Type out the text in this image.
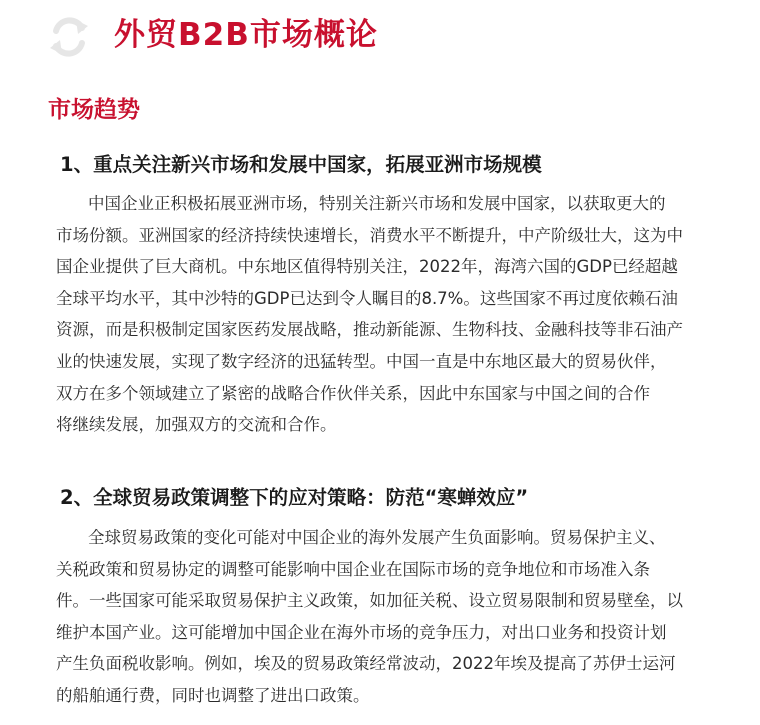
外贸B2B市场概论
市场趋势
1、重点关注新兴市场和发展中国家，拓展亚洲市场规模
中国企业正积极拓展亚洲市场，特别关注新兴市场和发展中国家，以获取更大的
市场份额。亚洲国家的经济持续快速增长，消费水平不断提升，中产阶级壮大，这为中
国企业提供了巨大商机。中东地区值得特别关注，2022年，海湾六国的GDP已经超越
全球平均水平，其中沙特的GDP已达到令人瞩目的8.7%。这些国家不再过度依赖石油
资源，而是积极制定国家医药发展战略，推动新能源、生物科技、金融科技等非石油产
业的快速发展，实现了数字经济的迅猛转型。中国一直是中东地区最大的贸易伙伴，
双方在多个领域建立了紧密的战略合作伙伴关系，因此中东国家与中国之间的合作
将继续发展，加强双方的交流和合作。
2、全球贸易政策调整下的应对策略：防范“寒蝉效应”
全球贸易政策的变化可能对中国企业的海外发展产生负面影响。贸易保护主义、
关税政策和贸易协定的调整可能影响中国企业在国际市场的竞争地位和市场准入条
件。一些国家可能采取贸易保护主义政策，如加征关税、设立贸易限制和贸易壁垒，以
维护本国产业。这可能增加中国企业在海外市场的竞争压力，对出口业务和投资计划
产生负面税收影响。例如，埃及的贸易政策经常波动，2022年埃及提高了苏伊士运河
的船舶通行费，同时也调整了进出口政策。
